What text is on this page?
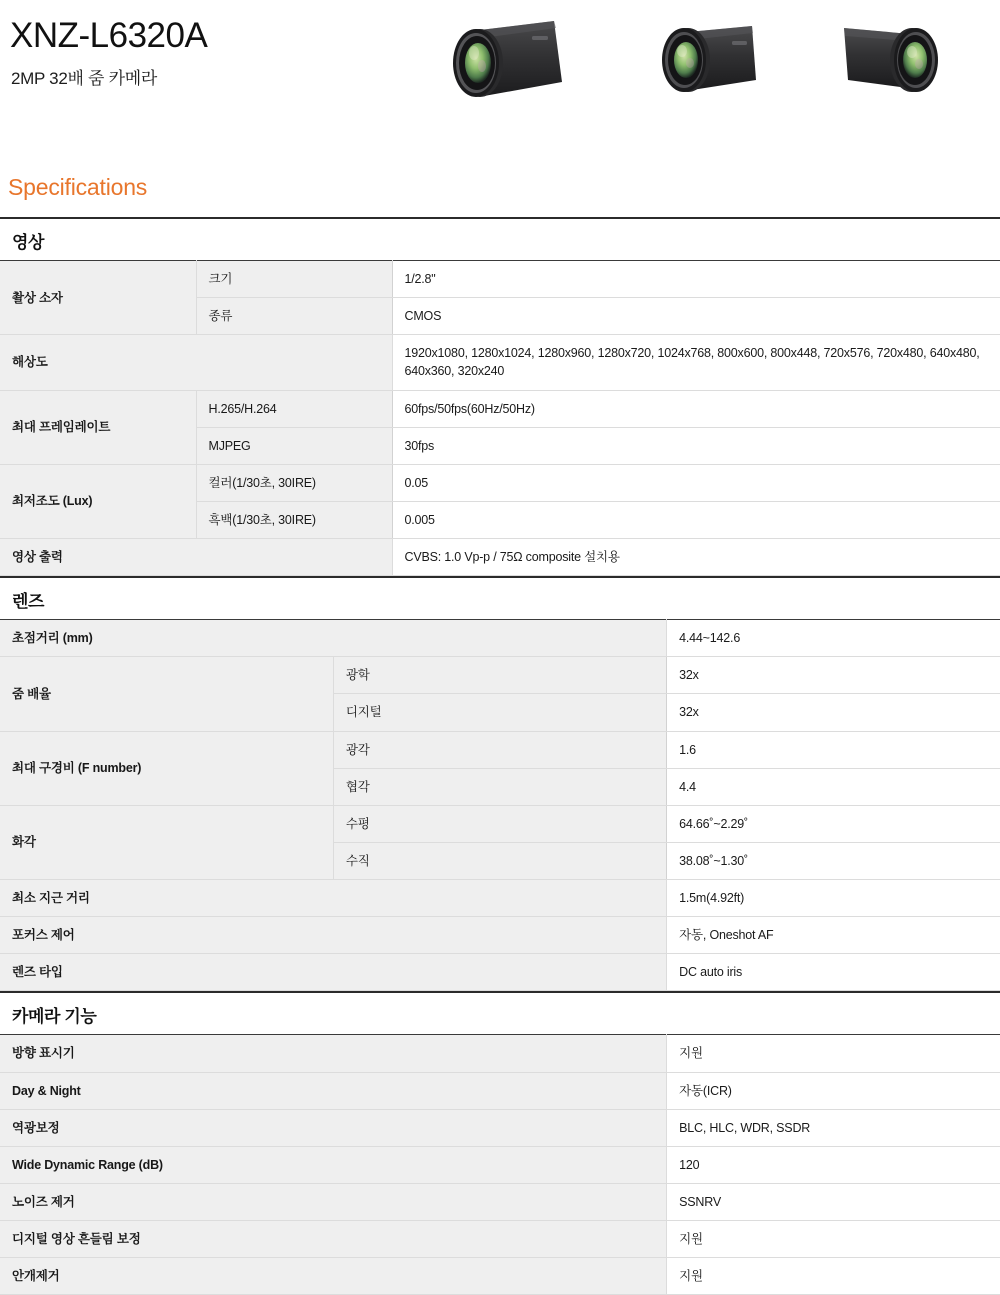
XNZ-L6320A
2MP 32배 줌 카메라
Specifications
영상
촬상 소자	크기	1/2.8"
	종류	CMOS
해상도		1920x1080, 1280x1024, 1280x960, 1280x720, 1024x768, 800x600, 800x448, 720x576, 720x480, 640x480, 640x360, 320x240
최대 프레임레이트	H.265/H.264	60fps/50fps(60Hz/50Hz)
	MJPEG	30fps
최저조도 (Lux)	컬러(1/30초, 30IRE)	0.05
	흑백(1/30초, 30IRE)	0.005
영상 출력		CVBS: 1.0 Vp-p / 75Ω composite 설치용
렌즈
초점거리 (mm)		4.44~142.6
줌 배율	광학	32x
	디지털	32x
최대 구경비 (F number)	광각	1.6
	협각	4.4
화각	수평	64.66˚~2.29˚
	수직	38.08˚~1.30˚
최소 지근 거리		1.5m(4.92ft)
포커스 제어		자동, Oneshot AF
렌즈 타입		DC auto iris
카메라 기능
방향 표시기	지원
Day & Night	자동(ICR)
역광보정	BLC, HLC, WDR, SSDR
Wide Dynamic Range (dB)	120
노이즈 제거	SSNRV
디지털 영상 흔들림 보정	지원
안개제거	지원
